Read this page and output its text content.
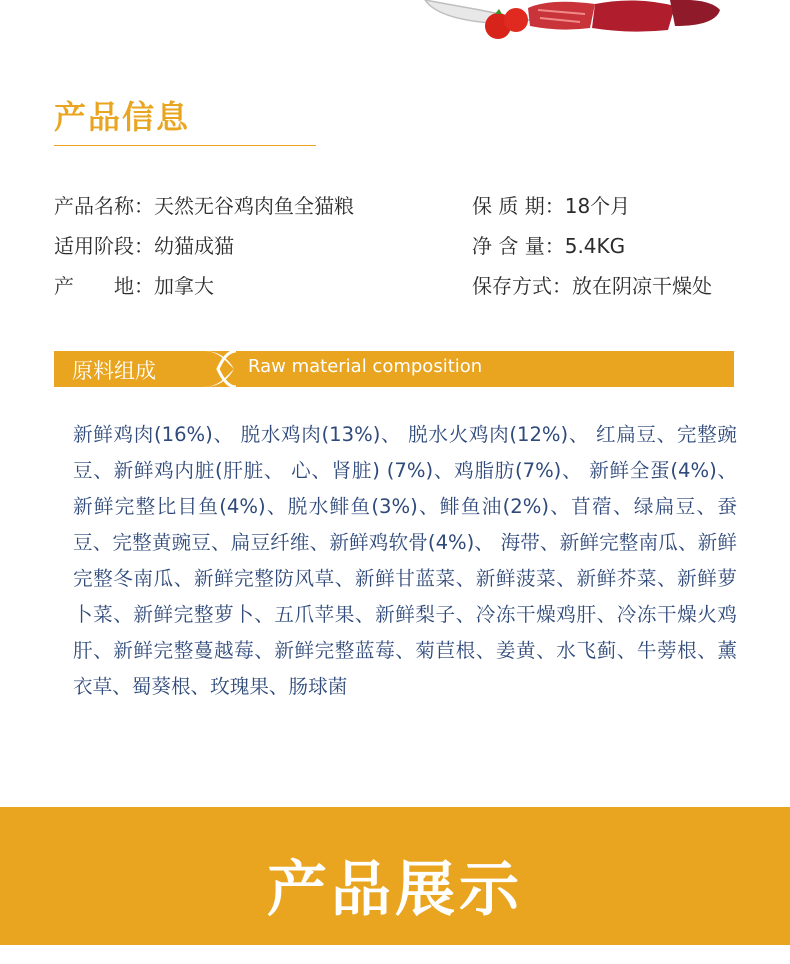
产品信息
产品名称：天然无谷鸡肉鱼全猫粮
适用阶段：幼猫成猫
产　　地：加拿大
保 质 期：18个月
净 含 量：5.4KG
保存方式：放在阴凉干燥处
原料组成	Raw material composition
新鲜鸡肉(16%)、 脱水鸡肉(13%)、 脱水火鸡肉(12%)、 红扁豆、完整豌豆、新鲜鸡内脏(肝脏、 心、肾脏) (7%)、鸡脂肪(7%)、 新鲜全蛋(4%)、 新鲜完整比目鱼(4%)、脱水鲱鱼(3%)、鲱鱼油(2%)、苜蓿、绿扁豆、蚕豆、完整黄豌豆、扁豆纤维、新鲜鸡软骨(4%)、 海带、新鲜完整南瓜、新鲜完整冬南瓜、新鲜完整防风草、新鲜甘蓝菜、新鲜菠菜、新鲜芥菜、新鲜萝卜菜、新鲜完整萝卜、五爪苹果、新鲜梨子、冷冻干燥鸡肝、冷冻干燥火鸡肝、新鲜完整蔓越莓、新鲜完整蓝莓、菊苣根、姜黄、水飞蓟、牛蒡根、薰衣草、蜀葵根、玫瑰果、肠球菌
产品展示
